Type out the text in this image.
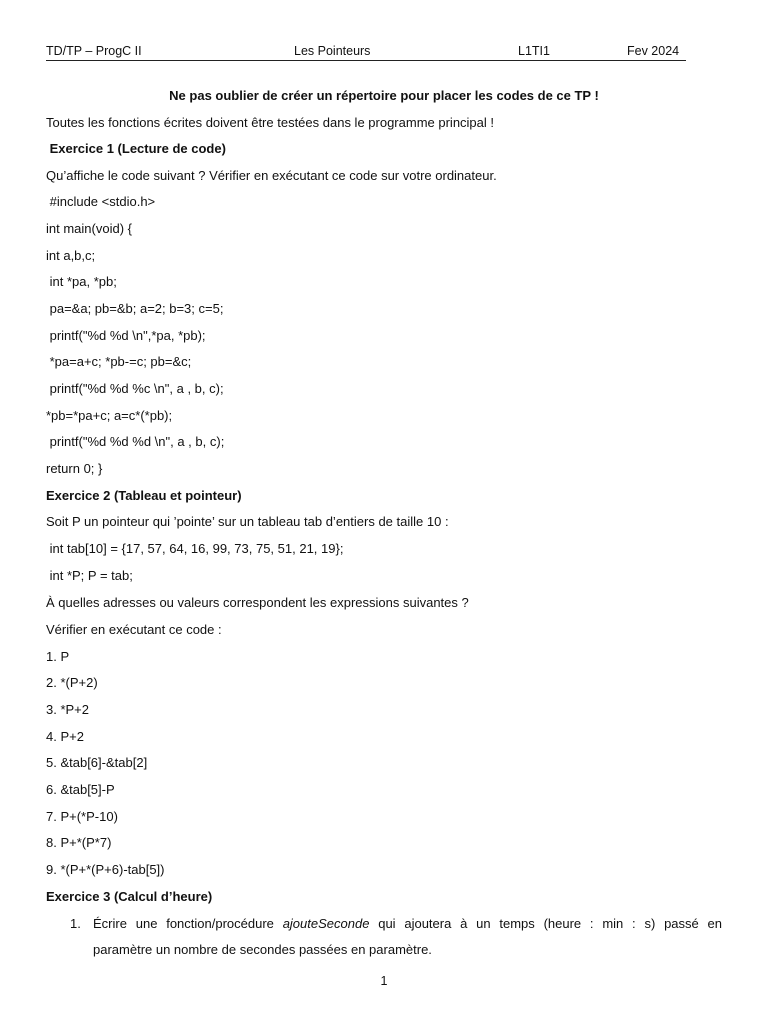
TD/TP – ProgC II	Les Pointeurs	L1TI1	Fev 2024
Ne pas oublier de créer un répertoire pour placer les codes de ce TP !
Toutes les fonctions écrites doivent être testées dans le programme principal !
Exercice 1 (Lecture de code)
Qu’affiche le code suivant ? Vérifier en exécutant ce code sur votre ordinateur.
#include <stdio.h>
int main(void) {
int a,b,c;
int *pa, *pb;
pa=&a; pb=&b; a=2; b=3; c=5;
printf("%d %d \n",*pa, *pb);
*pa=a+c; *pb-=c; pb=&c;
printf("%d %d %c \n", a , b, c);
*pb=*pa+c; a=c*(*pb);
printf("%d %d %d \n", a , b, c);
return 0; }
Exercice 2 (Tableau et pointeur)
Soit P un pointeur qui ’pointe’ sur un tableau tab d’entiers de taille 10 :
int tab[10] = {17, 57, 64, 16, 99, 73, 75, 51, 21, 19};
int *P; P = tab;
À quelles adresses ou valeurs correspondent les expressions suivantes ?
Vérifier en exécutant ce code :
1. P
2. *(P+2)
3. *P+2
4. P+2
5. &tab[6]-&tab[2]
6. &tab[5]-P
7. P+(*P-10)
8. P+*(P*7)
9. *(P+*(P+6)-tab[5])
Exercice 3 (Calcul d’heure)
1. Écrire une fonction/procédure ajouteSeconde qui ajoutera à un temps (heure : min : s) passé en
paramètre un nombre de secondes passées en paramètre.
1
